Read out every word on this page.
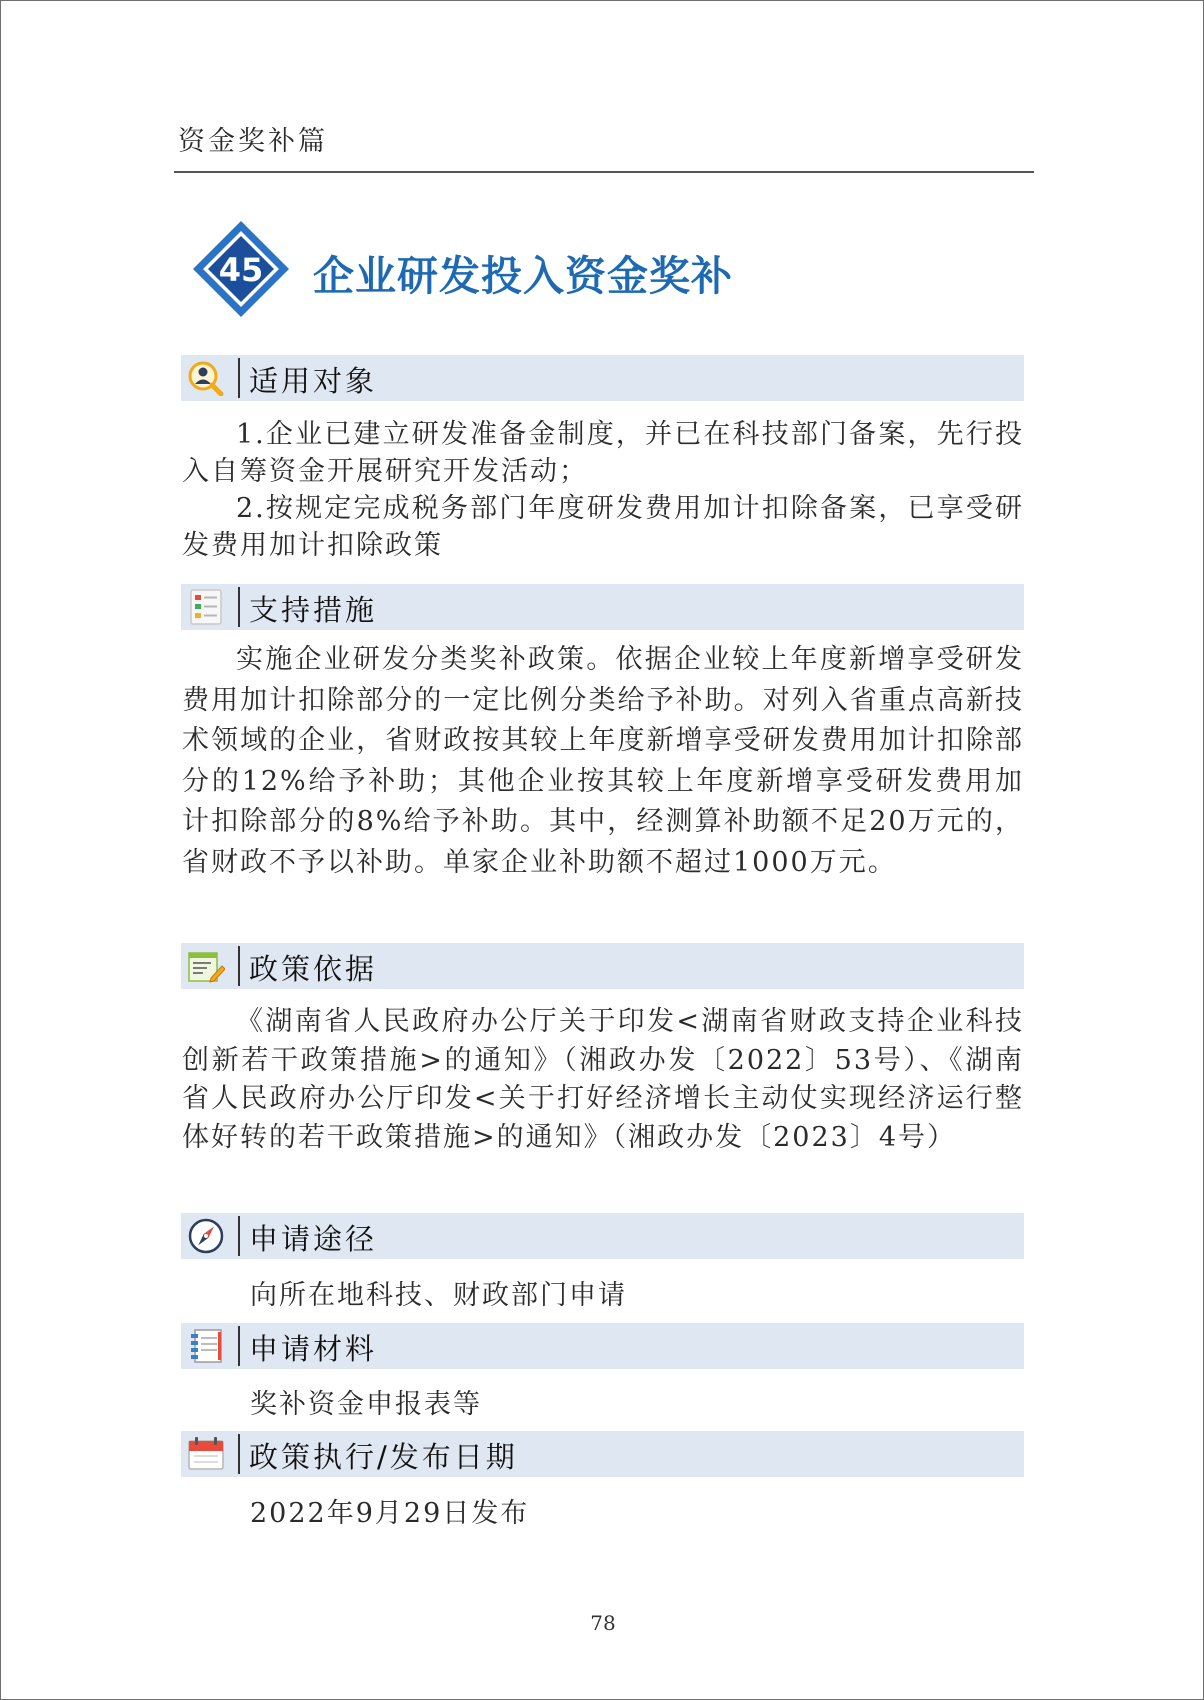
资金奖补篇
45 企业研发投入资金奖补
适用对象

1.企业已建立研发准备金制度，并已在科技部门备案，先行投入自筹资金开展研究开发活动；

2.按规定完成税务部门年度研发费用加计扣除备案，已享受研发费用加计扣除政策

支持措施

实施企业研发分类奖补政策。依据企业较上年度新增享受研发费用加计扣除部分的一定比例分类给予补助。对列入省重点高新技术领域的企业，省财政按其较上年度新增享受研发费用加计扣除部分的12%给予补助；其他企业按其较上年度新增享受研发费用加计扣除部分的8%给予补助。其中，经测算补助额不足20万元的，省财政不予以补助。单家企业补助额不超过1000万元。

政策依据

《湖南省人民政府办公厅关于印发<湖南省财政支持企业科技创新若干政策措施>的通知》（湘政办发〔2022〕53号）、《湖南省人民政府办公厅印发<关于打好经济增长主动仗实现经济运行整体好转的若干政策措施>的通知》（湘政办发〔2023〕4号）

申请途径
向所在地科技、财政部门申请
申请材料
奖补资金申报表等
政策执行/发布日期
2022年9月29日发布
78
